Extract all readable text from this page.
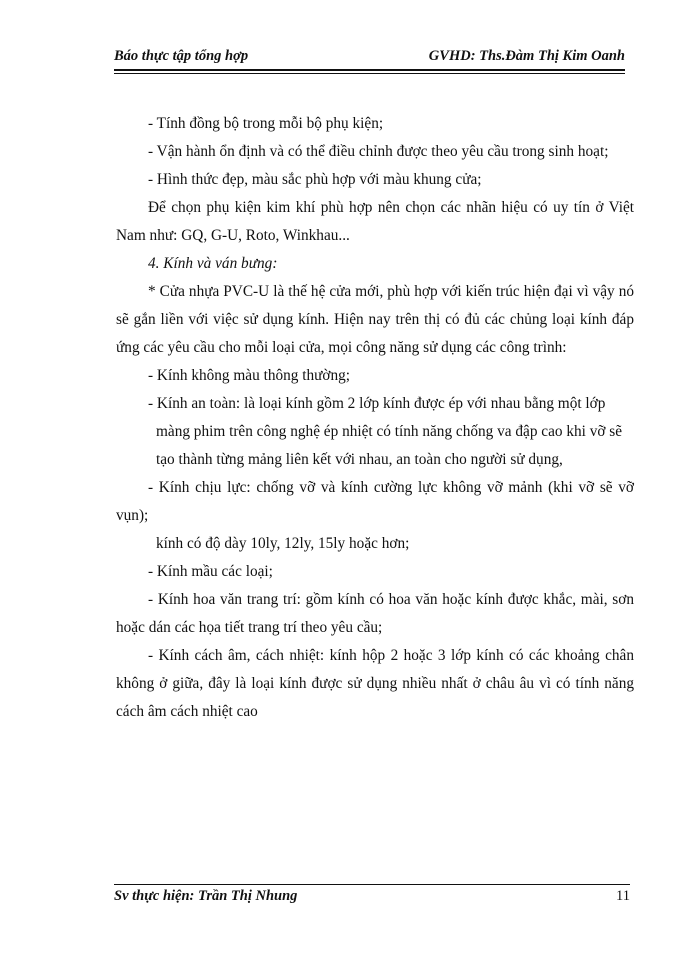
Báo thực tập tổng hợp	GVHD: Ths.Đàm Thị Kim Oanh

- Tính đồng bộ trong mỗi bộ phụ kiện;

- Vận hành ổn định và có thể điều chỉnh được theo yêu cầu trong sinh hoạt;

- Hình thức đẹp, màu sắc phù hợp với màu khung cửa;

Để chọn phụ kiện kim khí phù hợp nên chọn các nhãn hiệu có uy tín ở Việt Nam như: GQ, G-U, Roto, Winkhau...

4. Kính và ván bưng:

* Cửa nhựa PVC-U là thế hệ cửa mới, phù hợp với kiến trúc hiện đại vì vậy nó sẽ gắn liền với việc sử dụng kính. Hiện nay trên thị có đủ các chủng loại kính đáp ứng các yêu cầu cho mỗi loại cửa, mọi công năng sử dụng các công trình:

- Kính không màu thông thường;

- Kính an toàn: là loại kính gồm 2 lớp kính được ép với nhau bằng một lớp

màng phim trên công nghệ ép nhiệt có tính năng chống va đập cao khi vỡ sẽ

tạo thành từng mảng liên kết với nhau, an toàn cho người sử dụng,

- Kính chịu lực: chống vỡ và kính cường lực không vỡ mảnh (khi vỡ sẽ vỡ vụn);

kính có độ dày 10ly, 12ly, 15ly hoặc hơn;

- Kính mầu các loại;

- Kính hoa văn trang trí: gồm kính có hoa văn hoặc kính được khắc, mài, sơn hoặc dán các họa tiết trang trí theo yêu cầu;

- Kính cách âm, cách nhiệt: kính hộp 2 hoặc 3 lớp kính có các khoảng chân không ở giữa, đây là loại kính được sử dụng nhiều nhất ở châu âu vì có tính năng cách âm cách nhiệt cao

Sv thực hiện: Trần Thị Nhung	11
